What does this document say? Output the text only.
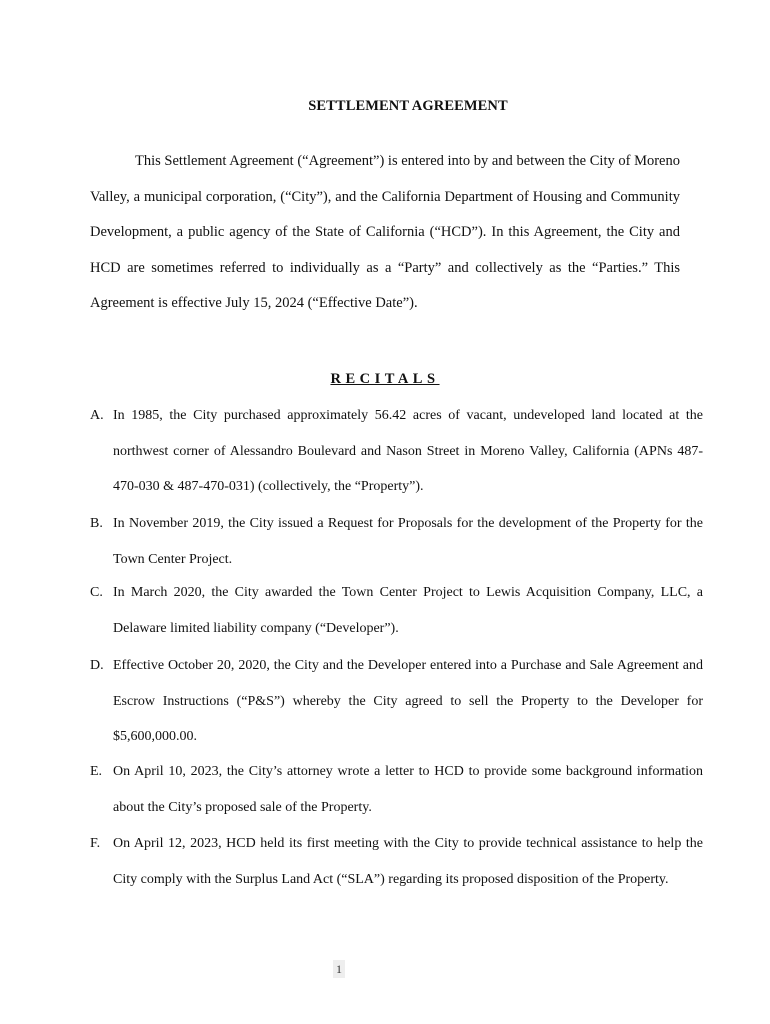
SETTLEMENT AGREEMENT

This Settlement Agreement (“Agreement”) is entered into by and between the City of Moreno Valley, a municipal corporation, (“City”), and the California Department of Housing and Community Development, a public agency of the State of California (“HCD”). In this Agreement, the City and HCD are sometimes referred to individually as a “Party” and collectively as the “Parties.” This Agreement is effective July 15, 2024 (“Effective Date”).

RECITALS
A. In 1985, the City purchased approximately 56.42 acres of vacant, undeveloped land located at the northwest corner of Alessandro Boulevard and Nason Street in Moreno Valley, California (APNs 487-470-030 & 487-470-031) (collectively, the “Property”).
B. In November 2019, the City issued a Request for Proposals for the development of the Property for the Town Center Project.
C. In March 2020, the City awarded the Town Center Project to Lewis Acquisition Company, LLC, a Delaware limited liability company (“Developer”).
D. Effective October 20, 2020, the City and the Developer entered into a Purchase and Sale Agreement and Escrow Instructions (“P&S”) whereby the City agreed to sell the Property to the Developer for $5,600,000.00.
E. On April 10, 2023, the City’s attorney wrote a letter to HCD to provide some background information about the City’s proposed sale of the Property.
F. On April 12, 2023, HCD held its first meeting with the City to provide technical assistance to help the City comply with the Surplus Land Act (“SLA”) regarding its proposed disposition of the Property.
1
